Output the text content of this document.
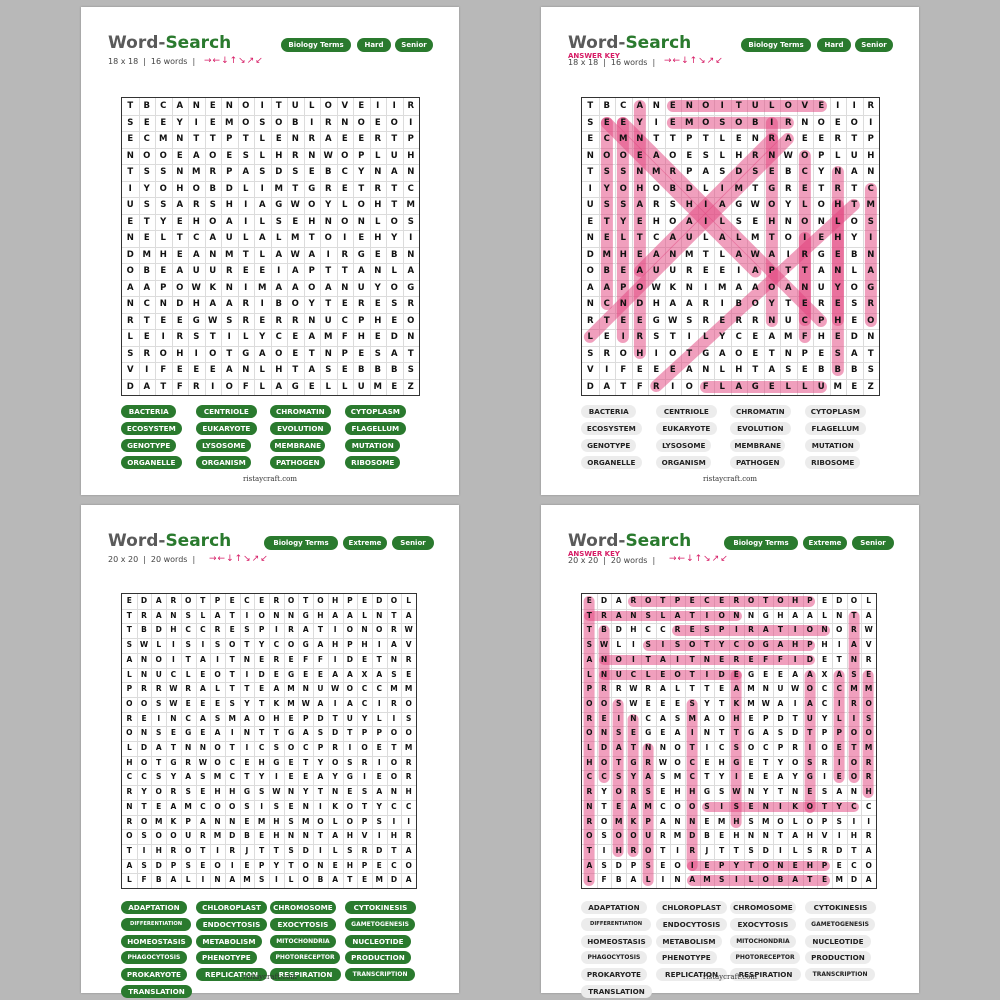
Word-Search
18 x 18 | 16 words | →←↓↑↘↗↙
Biology Terms	Hard	Senior
T	B	C	A	N	E	N	O	I	T	U	L	O	V	E	I	I	R
S	E	E	Y	I	E	M	O	S	O	B	I	R	N	O	E	O	I
E	C	M	N	T	T	P	T	L	E	N	R	A	E	E	R	T	P
N	O	O	E	A	O	E	S	L	H	R	N W O	P	L	U	H
T	S	S	N	M	R	P	A	S	D	S	E	B	C	Y	N	A	N
I	Y	O	H	O	B	D	L	I	M	T	G	R	E	T	R	T	C
U	S	S	A	R	S	H	I	A	G W O	Y	L	O	H	T	M
E	T	Y	E	H	O	A	I	L	S	E	H	N	O	N	L	O	S
N	E	L	T	C	A	U	L	A	L	M	T	O	I	E	H	Y	I
D	M	H	E	A	N	M	T	L	A	W	A	I	R	G	E	B	N
O	B	E	A	U	U	R	E	E	I	A	P	T	T	A	N	L	A
A	A	P	O W	K	N	I	M	A	A	O	A	N	U	Y	O	G
N	C	N	D	H	A	A	R	I	B	O	Y	T	E	R	E	S	R
R	T	E	E	G W	S	R	E	R	R	N	U	C	P	H	E	O
L	E	I	R	S	T	I	L	Y	C	E	A	M	F	H	E	D	N
S	R	O	H	I	O	T	G	A	O	E	T	N	P	E	S	A	T
V	I	F	E	E	E	A	N	L	H	T	A	S	E	B	B	B	S
D	A	T	F	R	I	O	F	L	A	G	E	L	L	U	M	E	Z
BACTERIA	CENTRIOLE	CHROMATIN	CYTOPLASM
ECOSYSTEM	EUKARYOTE	EVOLUTION	FLAGELLUM
GENOTYPE	LYSOSOME	MEMBRANE	MUTATION
ORGANELLE	ORGANISM	PATHOGEN	RIBOSOME
ristaycraft.com
Word-Search
ANSWER KEY
18 x 18 | 16 words | →←↓↑↘↗↙
Biology Terms	Hard	Senior
T	B	C	A	N	E	N	O	I	T	U	L	O	V	E	I	I	R
S	E	E	Y	I	E	M	O	S	O	B	I	R	N	O	E	O	I
E	C	M	N	T	T	P	T	L	E	N	R	A	E	E	R	T	P
N	O	O	E	A	O	E	S	L	H	R	N W O	P	L	U	H
T	S	S	N	M	R	P	A	S	D	S	E	B	C	Y	N	A	N
I	Y	O	H	O	B	D	L	I	M	T	G	R	E	T	R	T	C
U	S	S	A	R	S	H	I	A	G W O	Y	L	O	H	T	M
E	T	Y	E	H	O	A	I	L	S	E	H	N	O	N	L	O	S
N	E	L	T	C	A	U	L	A	L	M	T	O	I	E	H	Y	I
D	M	H	E	A	N	M	T	L	A	W	A	I	R	G	E	B	N
O	B	E	A	U	U	R	E	E	I	A	P	T	T	A	N	L	A
A	A	P	O W	K	N	I	M	A	A	O	A	N	U	Y	O	G
N	C	N	D	H	A	A	R	I	B	O	Y	T	E	R	E	S	R
R	T	E	E	G W	S	R	E	R	R	N	U	C	P	H	E	O
L	E	I	R	S	T	I	L	Y	C	E	A	M	F	H	E	D	N
S	R	O	H	I	O	T	G	A	O	E	T	N	P	E	S	A	T
V	I	F	E	E	E	A	N	L	H	T	A	S	E	B	B	B	S
D	A	T	F	R	I	O	F	L	A	G	E	L	L	U	M	E	Z
BACTERIA	CENTRIOLE	CHROMATIN	CYTOPLASM
ECOSYSTEM	EUKARYOTE	EVOLUTION	FLAGELLUM
GENOTYPE	LYSOSOME	MEMBRANE	MUTATION
ORGANELLE	ORGANISM	PATHOGEN	RIBOSOME
ristaycraft.com
Word-Search
20 x 20 | 20 words |	→←↓↑↘↗↙
Biology Terms	Extreme	Senior
E	D	A	R	O	T	P	E	C	E	R	O	T	O	H	P	E	D	O	L
T	R	A	N	S	L	A	T	I	O	N	N	G	H	A	A	L	N	T	A
T	B	D	H	C	C	R	E	S	P	I	R	A	T	I	O	N	O	R	W
S	W	L	I	S	I	S	O	T	Y	C	O	G	A	H	P	H	I	A	V
A	N	O	I	T	A	I	T	N	E	R	E	F	F	I	D	E	T	N	R
L	N	U	C	L	E	O	T	I	D	E	G	E	E	A	A	X	A	S	E
P	R	R	W	R	A	L	T	T	E	A	M	N	U	W O	C	C	M M
O	O	S	W	E	E	E	S	Y	T	K	M W	A	I	A	C	I	R	O
R	E	I	N	C	A	S	M	A	O	H	E	P	D	T	U	Y	L	I	S
O	N	S	E	G	E	A	I	N	T	T	G	A	S	D	T	P	P	O	O
L	D	A	T	N	N	O	T	I	C	S	O	C	P	R	I	O	E	T	M
H	O	T	G	R	W O	C	E	H	G	E	T	Y	O	S	R	I	O	R
C	C	S	Y	A	S	M	C	T	Y	I	E	E	A	Y	G	I	E	O	R
R	Y	O	R	S	E	H	H	G	S	W N	Y	T	N	E	S	A	N	H
N	T	E	A	M	C	O	O	S	I	S	E	N	I	K	O	T	Y	C	C
R	O	M	K	P	A	N	N	E	M	H	S	M	O	L	O	P	S	I	I
O	S	O	O	U	R	M	D	B	E	H	N	N	T	A	H	V	I	H	R
T	I	H	R	O	T	I	R	J	T	T	S	D	I	L	S	R	D	T	A
A	S	D	P	S	E	O	I	E	P	Y	T	O	N	E	H	P	E	C	O
L	F	B	A	L	I	N	A	M	S	I	L	O	B	A	T	E	M	D	A
ADAPTATION	CHLOROPLAST	CHROMOSOME	CYTOKINESIS
DIFFERENTIATION	ENDOCYTOSIS	EXOCYTOSIS	GAMETOGENESIS
HOMEOSTASIS	METABOLISM	MITOCHONDRIA	NUCLEOTIDE
PHAGOCYTOSIS	PHENOTYPE	PHOTORECEPTOR	PRODUCTION
PROKARYOTE	REPLICATION	RESPIRATION	TRANSCRIPTION
TRANSLATION
ristaycraft.com
Word-Search
ANSWER KEY
20 x 20 | 20 words |	→←↓↑↘↗↙
Biology Terms	Extreme	Senior
E	D	A	R	O	T	P	E	C	E	R	O	T	O	H	P	E	D	O	L
T	R	A	N	S	L	A	T	I	O	N	N	G	H	A	A	L	N	T	A
T	B	D	H	C	C	R	E	S	P	I	R	A	T	I	O	N	O	R	W
S	W	L	I	S	I	S	O	T	Y	C	O	G	A	H	P	H	I	A	V
A	N	O	I	T	A	I	T	N	E	R	E	F	F	I	D	E	T	N	R
L	N	U	C	L	E	O	T	I	D	E	G	E	E	A	A	X	A	S	E
P	R	R	W	R	A	L	T	T	E	A	M	N	U	W O	C	C	M M
O	O	S	W	E	E	E	S	Y	T	K	M W	A	I	A	C	I	R	O
R	E	I	N	C	A	S	M	A	O	H	E	P	D	T	U	Y	L	I	S
O	N	S	E	G	E	A	I	N	T	T	G	A	S	D	T	P	P	O	O
L	D	A	T	N	N	O	T	I	C	S	O	C	P	R	I	O	E	T	M
H	O	T	G	R	W O	C	E	H	G	E	T	Y	O	S	R	I	O	R
C	C	S	Y	A	S	M	C	T	Y	I	E	E	A	Y	G	I	E	O	R
R	Y	O	R	S	E	H	H	G	S	W N	Y	T	N	E	S	A	N	H
N	T	E	A	M	C	O	O	S	I	S	E	N	I	K	O	T	Y	C	C
R	O	M	K	P	A	N	N	E	M	H	S	M	O	L	O	P	S	I	I
O	S	O	O	U	R	M	D	B	E	H	N	N	T	A	H	V	I	H	R
T	I	H	R	O	T	I	R	J	T	T	S	D	I	L	S	R	D	T	A
A	S	D	P	S	E	O	I	E	P	Y	T	O	N	E	H	P	E	C	O
L	F	B	A	L	I	N	A	M	S	I	L	O	B	A	T	E	M	D	A
ADAPTATION	CHLOROPLAST	CHROMOSOME	CYTOKINESIS
DIFFERENTIATION	ENDOCYTOSIS	EXOCYTOSIS	GAMETOGENESIS
HOMEOSTASIS	METABOLISM	MITOCHONDRIA	NUCLEOTIDE
PHAGOCYTOSIS	PHENOTYPE	PHOTORECEPTOR	PRODUCTION
PROKARYOTE	REPLICATION	RESPIRATION	TRANSCRIPTION
TRANSLATION
ristaycraft.com
